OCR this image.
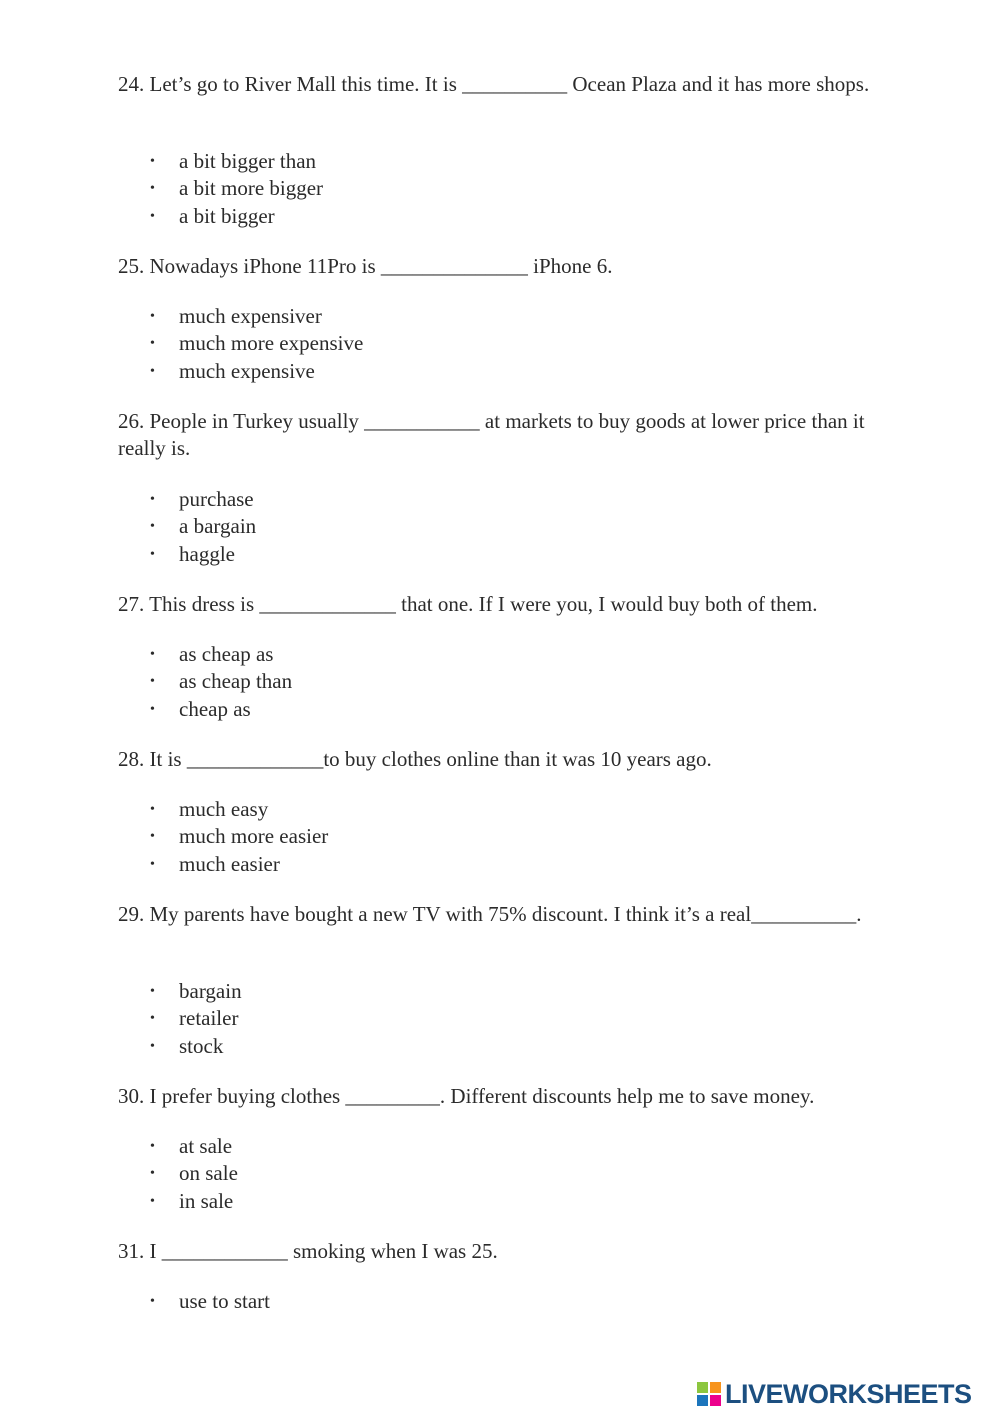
24. Let’s go to River Mall this time. It is __________ Ocean Plaza and it has more shops.

• a bit bigger than
• a bit more bigger
• a bit bigger

25. Nowadays iPhone 11Pro is ______________ iPhone 6.

• much expensiver
• much more expensive
• much expensive

26. People in Turkey usually ___________ at markets to buy goods at lower price than it really is.

• purchase
• a bargain
• haggle

27. This dress is _____________ that one. If I were you, I would buy both of them.

• as cheap as
• as cheap than
• cheap as

28. It is _____________to buy clothes online than it was 10 years ago.

• much easy
• much more easier
• much easier

29. My parents have bought a new TV with 75% discount. I think it’s a real__________.

• bargain
• retailer
• stock

30. I prefer buying clothes _________. Different discounts help me to save money.

• at sale
• on sale
• in sale

31. I ____________ smoking when I was 25.

• use to start
LIVEWORKSHEETS
